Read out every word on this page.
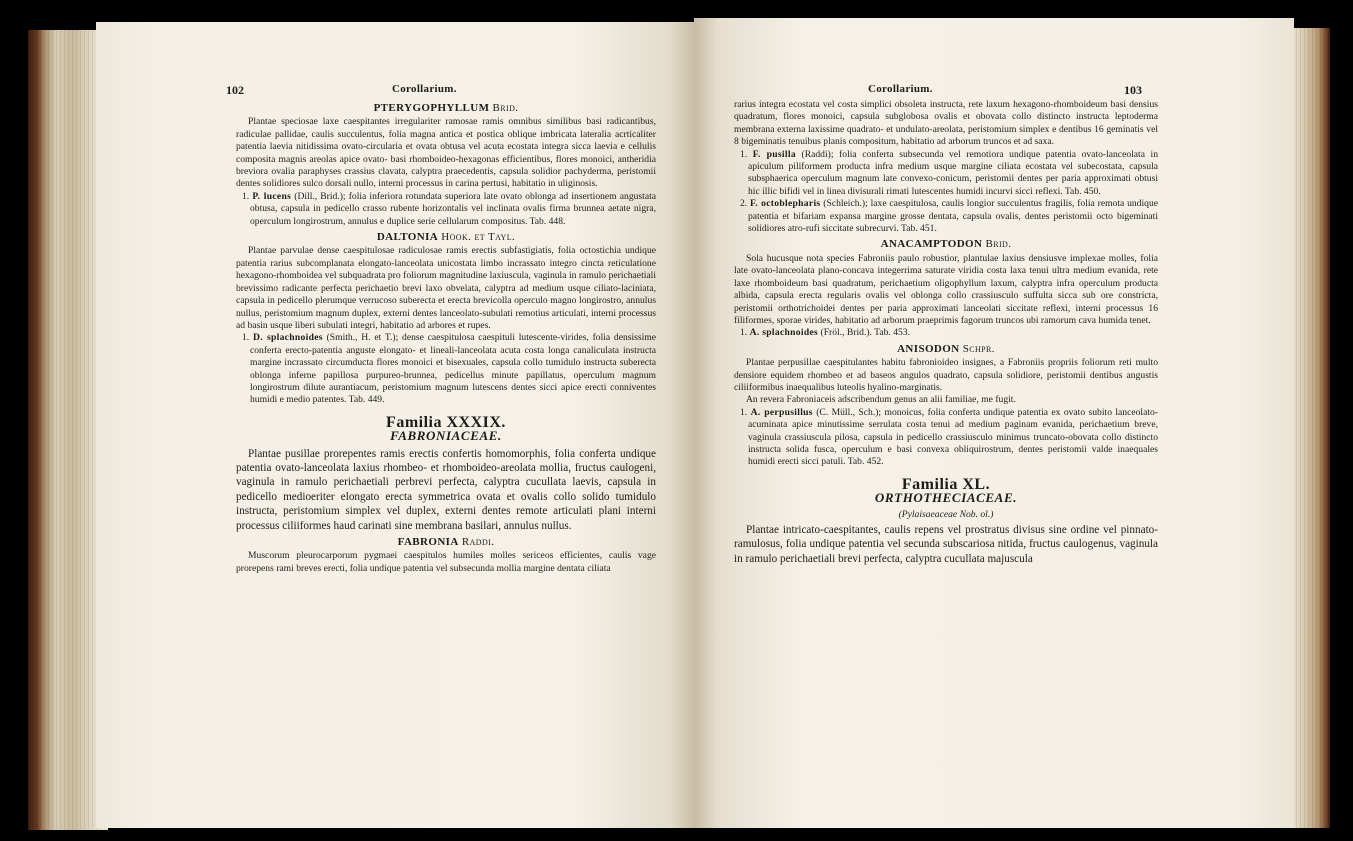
102	Corollarium.	Corollarium.	103

PTERYGOPHYLLUM Brid.

Plantae speciosae laxe caespitantes irregulariter ramosae ramis omnibus similibus basi radicantibus, radiculae pallidae, caulis succulentus, folia magna antica et postica oblique imbricata lateralia acrticaliter patentia laevia nitidissima ovato-circularia et ovata obtusa vel acuta ecostata integra sicca laevia e cellulis composita magnis areolas apice ovato- basi rhomboideo-hexagonas efficientibus, flores monoici, antheridia breviora ovalia paraphyses crassius clavata, calyptra praecedentis, capsula solidior pachyderma, peristomii dentes solidiores sulco dorsali nullo, interni processus in carina pertusi, habitatio in uliginosis.

1. P. lucens (Dill., Brid.); folia inferiora rotundata superiora late ovato oblonga ad insertionem angustata obtusa, capsula in pedicello crasso rubente horizontalis vel inclinata ovalis firma brunnea aetate nigra, operculum longirostrum, annulus e duplice serie cellularum compositus. Tab. 448.

DALTONIA Hook. et Tayl.

Plantae parvulae dense caespitulosae radiculosae ramis erectis subfastigiatis, folia octostichia undique patentia rarius subcomplanata elongato-lanceolata unicostata limbo incrassato integro cincta reticulatione hexagono-rhomboidea vel subquadrata pro foliorum magnitudine laxiuscula, vaginula in ramulo perichaetiali brevissimo radicante perfecta perichaetio brevi laxo obvelata, calyptra ad medium usque ciliato-laciniata, capsula in pedicello plerumque verrucoso suberecta et erecta brevicolla operculo magno longirostro, annulus nullus, peristomium magnum duplex, externi dentes lanceolato-subulati remotius articulati, interni processus ad basin usque liberi subulati integri, habitatio ad arbores et rupes.

1. D. splachnoides (Smith., H. et T.); dense caespitulosa caespituli lutescente-virides, folia densissime conferta erecto-patentia anguste elongato- et lineali-lanceolata acuta costa longa canaliculata instructa margine incrassato circumducta flores monoici et bisexuales, capsula collo tumidulo instructa suberecta oblonga inferne papillosa purpureo-brunnea, pedicellus minute papillatus, operculum magnum longirostrum dilute aurantiacum, peristomium magnum lutescens dentes sicci apice erecti conniventes humidi e medio patentes. Tab. 449.

Familia XXXIX.

FABRONIACEAE.

Plantae pusillae prorepentes ramis erectis confertis homomorphis, folia conferta undique patentia ovato-lanceolata laxius rhombeo- et rhomboideo-areolata mollia, fructus caulogeni, vaginula in ramulo perichaetiali perbrevi perfecta, calyptra cucullata laevis, capsula in pedicello medioeriter elongato erecta symmetrica ovata et ovalis collo solido tumidulo instructa, peristomium simplex vel duplex, externi dentes remote articulati plani interni processus ciliiformes haud carinati sine membrana basilari, annulus nullus.

FABRONIA Raddi.

Muscorum pleurocarporum pygmaei caespitulos humiles molles sericeos efficientes, caulis vage prorepens rami breves erecti, folia undique patentia vel subsecunda mollia margine dentata ciliata

rarius integra ecostata vel costa simplici obsoleta instructa, rete laxum hexagono-rhomboideum basi densius quadratum, flores monoici, capsula subglobosa ovalis et obovata collo distincto instructa leptoderma membrana externa laxissime quadrato- et undulato-areolata, peristomium simplex e dentibus 16 geminatis vel 8 bigeminatis tenuibus planis compositum, habitatio ad arborum truncos et ad saxa.

1. F. pusilla (Raddi); folia conferta subsecunda vel remotiora undique patentia ovato-lanceolata in apiculum piliformem producta infra medium usque margine ciliata ecostata vel subecostata, capsula subsphaerica operculum magnum late convexo-conicum, peristomii dentes per paria approximati obtusi hic illic bifidi vel in linea divisurali rimati lutescentes humidi incurvi sicci reflexi. Tab. 450.

2. F. octoblepharis (Schleich.); laxe caespitulosa, caulis longior succulentus fragilis, folia remota undique patentia et bifariam expansa margine grosse dentata, capsula ovalis, dentes peristomii octo bigeminati solidiores atro-rufi siccitate subrecurvi. Tab. 451.

ANACAMPTODON Brid.

Sola hucusque nota species Fabroniis paulo robustior, plantulae laxius densiusve implexae molles, folia late ovato-lanceolata plano-concava integerrima saturate viridia costa laxa tenui ultra medium evanida, rete laxe rhomboideum basi quadratum, perichaetium oligophyllum laxum, calyptra infra operculum producta albida, capsula erecta regularis ovalis vel oblonga collo crassiusculo suffulta sicca sub ore constricta, peristomii orthotrichoidei dentes per paria approximati lanceolati siccitate reflexi, interni processus 16 filiformes, sporae virides, habitatio ad arborum praeprimis fagorum truncos ubi ramorum cava humida tenet.

1. A. splachnoides (Fröl., Brid.). Tab. 453.

ANISODON Schpr.

Plantae perpusillae caespitulantes habitu fabronioideo insignes, a Fabroniis propriis foliorum reti multo densiore equidem rhombeo et ad baseos angulos quadrato, capsula solidiore, peristomii dentibus angustis ciliiformibus inaequalibus luteolis hyalino-marginatis.

An revera Fabroniaceis adscribendum genus an alii familiae, me fugit.

1. A. perpusillus (C. Müll., Sch.); monoicus, folia conferta undique patentia ex ovato subito lanceolato-acuminata apice minutissime serrulata costa tenui ad medium paginam evanida, perichaetium breve, vaginula crassiuscula pilosa, capsula in pedicello crassiusculo minimus truncato-obovata collo distincto instructa solida fusca, operculum e basi convexa obliquirostrum, dentes peristomii valde inaequales humidi erecti sicci patuli. Tab. 452.

Familia XL.

ORTHOTHECIACEAE.

(Pylaisaeaceae Nob. ol.)

Plantae intricato-caespitantes, caulis repens vel prostratus divisus sine ordine vel pinnato-ramulosus, folia undique patentia vel secunda subscariosa nitida, fructus caulogenus, vaginula in ramulo perichaetiali brevi perfecta, calyptra cucullata majuscula
